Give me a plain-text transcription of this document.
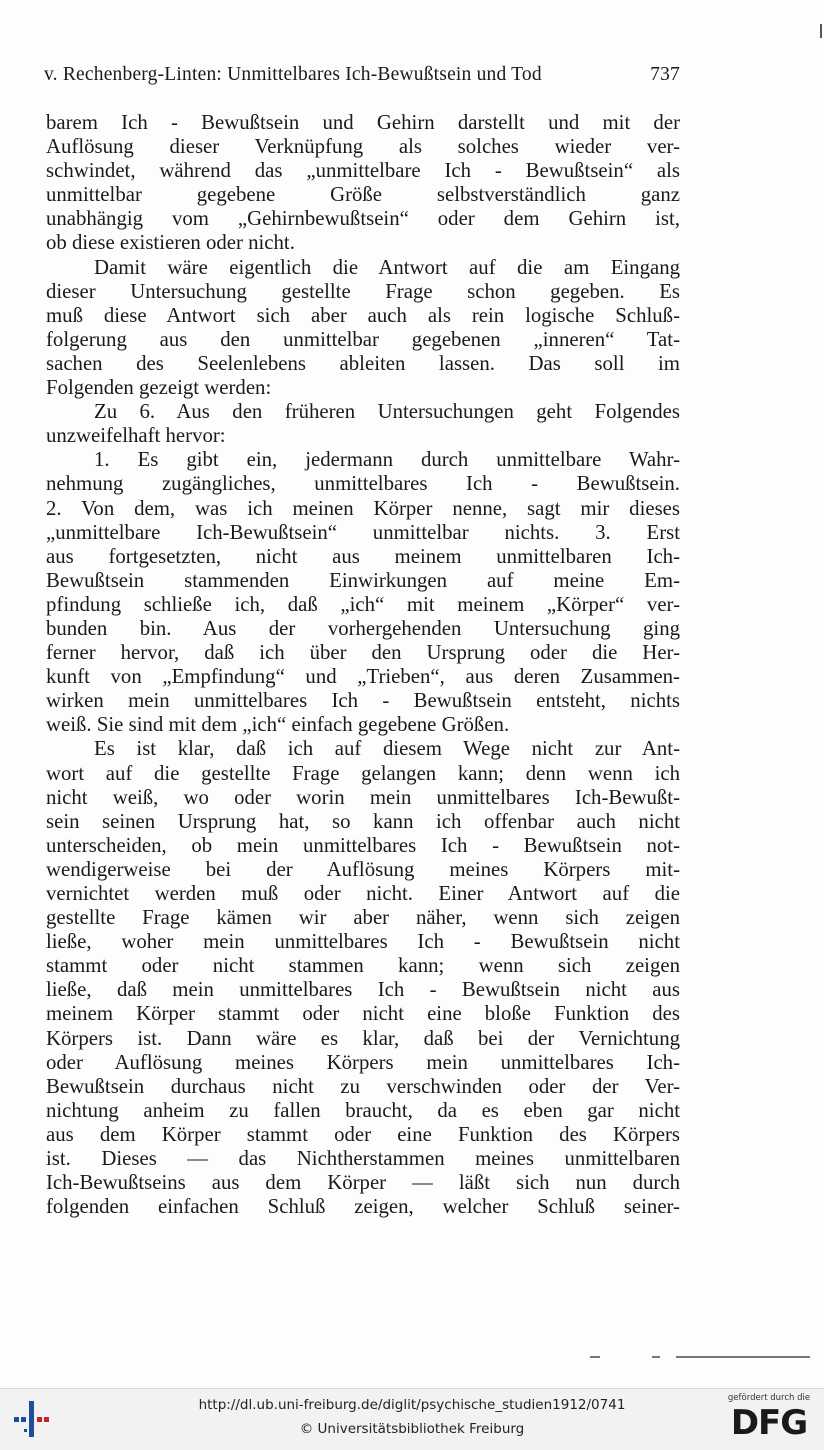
v. Rechenberg-Linten: Unmittelbares Ich-Bewußtsein und Tod	737
barem Ich - Bewußtsein und Gehirn darstellt und mit der
Auflösung dieser Verknüpfung als solches wieder ver-
schwindet, während das „unmittelbare Ich - Bewußtsein“ als
unmittelbar gegebene Größe selbstverständlich ganz
unabhängig vom „Gehirnbewußtsein“ oder dem Gehirn ist,
ob diese existieren oder nicht.
Damit wäre eigentlich die Antwort auf die am Eingang
dieser Untersuchung gestellte Frage schon gegeben. Es
muß diese Antwort sich aber auch als rein logische Schluß-
folgerung aus den unmittelbar gegebenen „inneren“ Tat-
sachen des Seelenlebens ableiten lassen. Das soll im
Folgenden gezeigt werden:
Zu 6. Aus den früheren Untersuchungen geht Folgendes
unzweifelhaft hervor:
1. Es gibt ein, jedermann durch unmittelbare Wahr-
nehmung zugängliches, unmittelbares Ich - Bewußtsein.
2. Von dem, was ich meinen Körper nenne, sagt mir dieses
„unmittelbare Ich-Bewußtsein“ unmittelbar nichts. 3. Erst
aus fortgesetzten, nicht aus meinem unmittelbaren Ich-
Bewußtsein stammenden Einwirkungen auf meine Em-
pfindung schließe ich, daß „ich“ mit meinem „Körper“ ver-
bunden bin. Aus der vorhergehenden Untersuchung ging
ferner hervor, daß ich über den Ursprung oder die Her-
kunft von „Empfindung“ und „Trieben“, aus deren Zusammen-
wirken mein unmittelbares Ich - Bewußtsein entsteht, nichts
weiß. Sie sind mit dem „ich“ einfach gegebene Größen.
Es ist klar, daß ich auf diesem Wege nicht zur Ant-
wort auf die gestellte Frage gelangen kann; denn wenn ich
nicht weiß, wo oder worin mein unmittelbares Ich-Bewußt-
sein seinen Ursprung hat, so kann ich offenbar auch nicht
unterscheiden, ob mein unmittelbares Ich - Bewußtsein not-
wendigerweise bei der Auflösung meines Körpers mit-
vernichtet werden muß oder nicht. Einer Antwort auf die
gestellte Frage kämen wir aber näher, wenn sich zeigen
ließe, woher mein unmittelbares Ich - Bewußtsein nicht
stammt oder nicht stammen kann; wenn sich zeigen
ließe, daß mein unmittelbares Ich - Bewußtsein nicht aus
meinem Körper stammt oder nicht eine bloße Funktion des
Körpers ist. Dann wäre es klar, daß bei der Vernichtung
oder Auflösung meines Körpers mein unmittelbares Ich-
Bewußtsein durchaus nicht zu verschwinden oder der Ver-
nichtung anheim zu fallen braucht, da es eben gar nicht
aus dem Körper stammt oder eine Funktion des Körpers
ist. Dieses — das Nichtherstammen meines unmittelbaren
Ich-Bewußtseins aus dem Körper — läßt sich nun durch
folgenden einfachen Schluß zeigen, welcher Schluß seiner-
http://dl.ub.uni-freiburg.de/diglit/psychische_studien1912/0741
© Universitätsbibliothek Freiburg
gefördert durch die
DFG
